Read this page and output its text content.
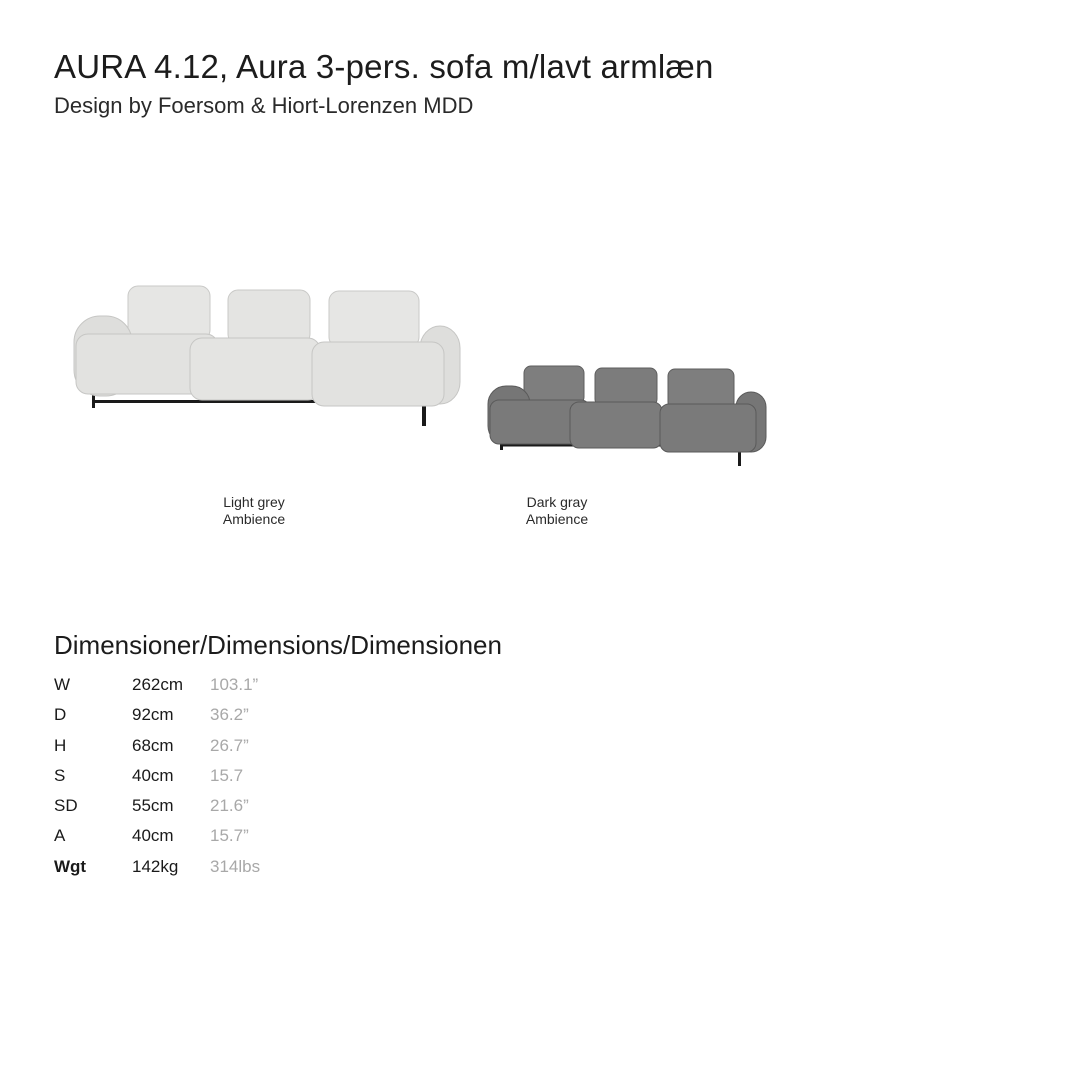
AURA 4.12, Aura 3-pers. sofa m/lavt armlæn
Design by Foersom & Hiort-Lorenzen MDD
Light grey
Ambience
Dark gray
Ambience
Dimensioner/Dimensions/Dimensionen
W	262cm	103.1”
D	92cm	36.2”
H	68cm	26.7”
S	40cm	15.7
SD	55cm	21.6”
A	40cm	15.7”
Wgt	142kg	314lbs
